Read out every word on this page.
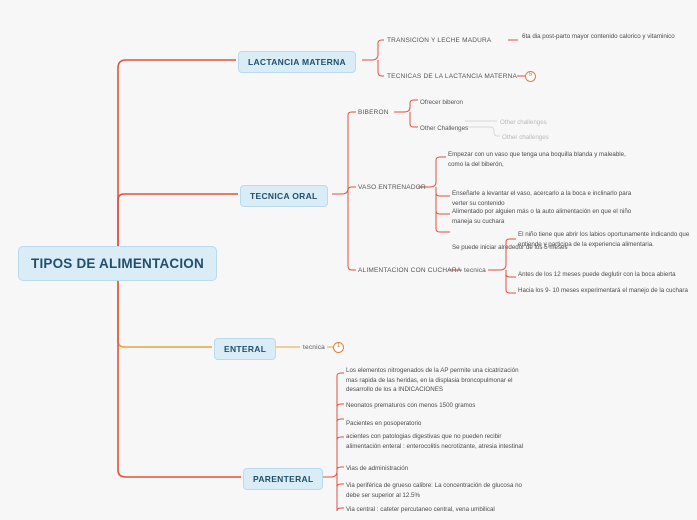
TIPOS DE ALIMENTACION
LACTANCIA MATERNA
TECNICA ORAL
ENTERAL
PARENTERAL
TRANSICION Y LECHE MADURA
6ta dia post-parto mayor contenido calorico y vitaminico
TECNICAS DE LA LACTANCIA MATERNA	6
BIBERON
Ofrecer biberon
Other Challenges
Other challenges
Other challenges
VASO ENTRENADOR
Empezar con un vaso que tenga una boquilla blanda y maleable, como la del biberón,
Enseñarle a levantar el vaso, acercarlo a la boca e inclinarlo para verter su contenido
Alimentado por alguien más o la auto alimentación en que el niño maneja su cuchara
Se puede iniciar alrededor de los 5 meses
ALIMENTACION CON CUCHARA tecnica
El niño tiene que abrir los labios oportunamente indicando que entiende y participa de la experiencia alimentaria.
Antes de los 12 meses puede deglutir con la boca abierta
Hacia los 9- 10 meses experimentará el manejo de la cuchara
tecnica	1
Los elementos nitrogenados de la AP permite una cicatrización mas rapida de las heridas, en la displasia broncopulmonar el desarrollo de los a INDICACIONES
Neonatos prematuros con menos 1500 gramos
Pacientes en posoperatorio
acientes con patologias digestivas que no pueden recibir alimentación enteral : enterocolitis necrotizante, atresia intestinal
Vias de administración
Via periférica de grueso calibre: La concentración de glucosa no debe ser superior al 12.5%
Via central : cateter percutaneo central, vena umbilical
